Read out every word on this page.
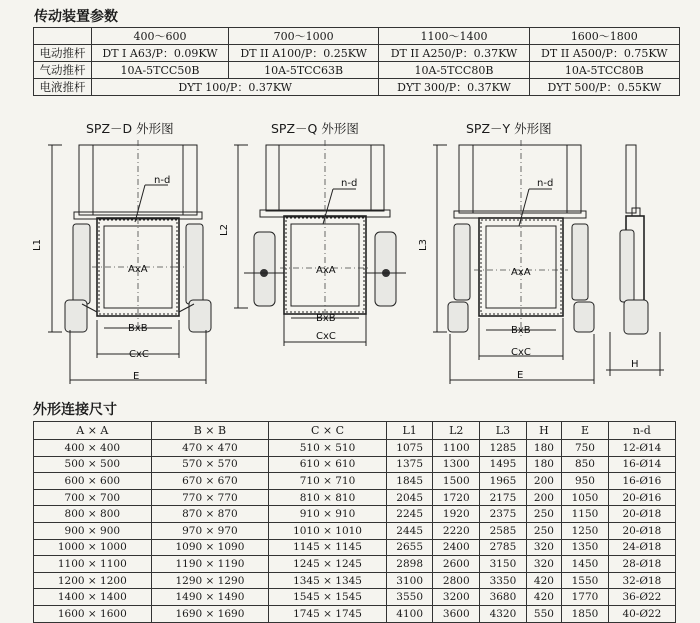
传动装置参数
	400～600	700～1000	1100～1400	1600～1800
电动推杆	DT I A63/P：0.09KW	DT II A100/P：0.25KW	DT II A250/P：0.37KW	DT II A500/P：0.75KW
气动推杆	10A-5TCC50B	10A-5TCC63B	10A-5TCC80B	10A-5TCC80B
电液推杆	DYT 100/P：0.37KW		DYT 300/P：0.37KW	DYT 500/P：0.55KW
SPZ－D 外形图	SPZ－Q 外形图	SPZ－Y 外形图
n-d
AxA
BxB
CxC
E
L1
n-d
AxA
BxB
CxC
L2
n-d
AxA
BxB
CxC
E
L3
H
外形连接尺寸
A × A	B × B	C × C	L1	L2	L3	H	E	n-d
400 × 400	470 × 470	510 × 510	1075	1100	1285	180	750	12-Ø14
500 × 500	570 × 570	610 × 610	1375	1300	1495	180	850	16-Ø14
600 × 600	670 × 670	710 × 710	1845	1500	1965	200	950	16-Ø16
700 × 700	770 × 770	810 × 810	2045	1720	2175	200	1050	20-Ø16
800 × 800	870 × 870	910 × 910	2245	1920	2375	250	1150	20-Ø18
900 × 900	970 × 970	1010 × 1010	2445	2220	2585	250	1250	20-Ø18
1000 × 1000	1090 × 1090	1145 × 1145	2655	2400	2785	320	1350	24-Ø18
1100 × 1100	1190 × 1190	1245 × 1245	2898	2600	3150	320	1450	28-Ø18
1200 × 1200	1290 × 1290	1345 × 1345	3100	2800	3350	420	1550	32-Ø18
1400 × 1400	1490 × 1490	1545 × 1545	3550	3200	3680	420	1770	36-Ø22
1600 × 1600	1690 × 1690	1745 × 1745	4100	3600	4320	550	1850	40-Ø22
